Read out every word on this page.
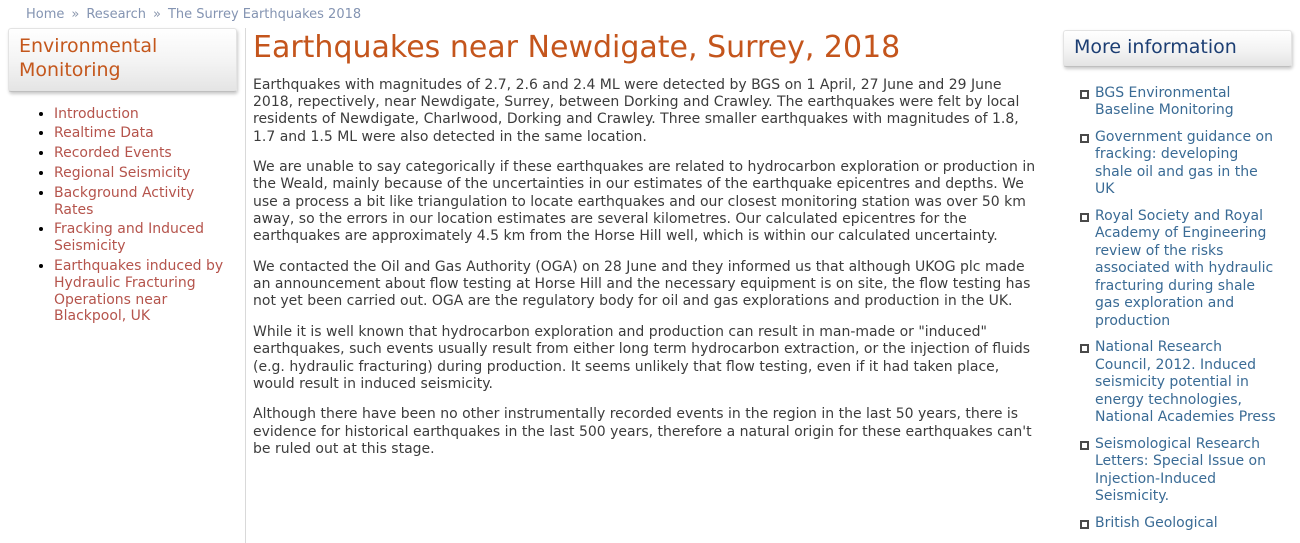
Home » Research » The Surrey Earthquakes 2018
Environmental Monitoring
• Introduction
• Realtime Data
• Recorded Events
• Regional Seismicity
• Background Activity Rates
• Fracking and Induced Seismicity
• Earthquakes induced by Hydraulic Fracturing Operations near Blackpool, UK
Earthquakes near Newdigate, Surrey, 2018

Earthquakes with magnitudes of 2.7, 2.6 and 2.4 ML were detected by BGS on 1 April, 27 June and 29 June 2018, repectively, near Newdigate, Surrey, between Dorking and Crawley. The earthquakes were felt by local residents of Newdigate, Charlwood, Dorking and Crawley. Three smaller earthquakes with magnitudes of 1.8, 1.7 and 1.5 ML were also detected in the same location.

We are unable to say categorically if these earthquakes are related to hydrocarbon exploration or production in the Weald, mainly because of the uncertainties in our estimates of the earthquake epicentres and depths. We use a process a bit like triangulation to locate earthquakes and our closest monitoring station was over 50 km away, so the errors in our location estimates are several kilometres. Our calculated epicentres for the earthquakes are approximately 4.5 km from the Horse Hill well, which is within our calculated uncertainty.

We contacted the Oil and Gas Authority (OGA) on 28 June and they informed us that although UKOG plc made an announcement about flow testing at Horse Hill and the necessary equipment is on site, the flow testing has not yet been carried out. OGA are the regulatory body for oil and gas explorations and production in the UK.

While it is well known that hydrocarbon exploration and production can result in man-made or "induced" earthquakes, such events usually result from either long term hydrocarbon extraction, or the injection of fluids (e.g. hydraulic fracturing) during production. It seems unlikely that flow testing, even if it had taken place, would result in induced seismicity.

Although there have been no other instrumentally recorded events in the region in the last 50 years, there is evidence for historical earthquakes in the last 500 years, therefore a natural origin for these earthquakes can't be ruled out at this stage.

More information
BGS Environmental Baseline Monitoring
Government guidance on fracking: developing shale oil and gas in the UK
Royal Society and Royal Academy of Engineering review of the risks associated with hydraulic fracturing during shale gas exploration and production
National Research Council, 2012. Induced seismicity potential in energy technologies, National Academies Press
Seismological Research Letters: Special Issue on Injection-Induced Seismicity.
British Geological
